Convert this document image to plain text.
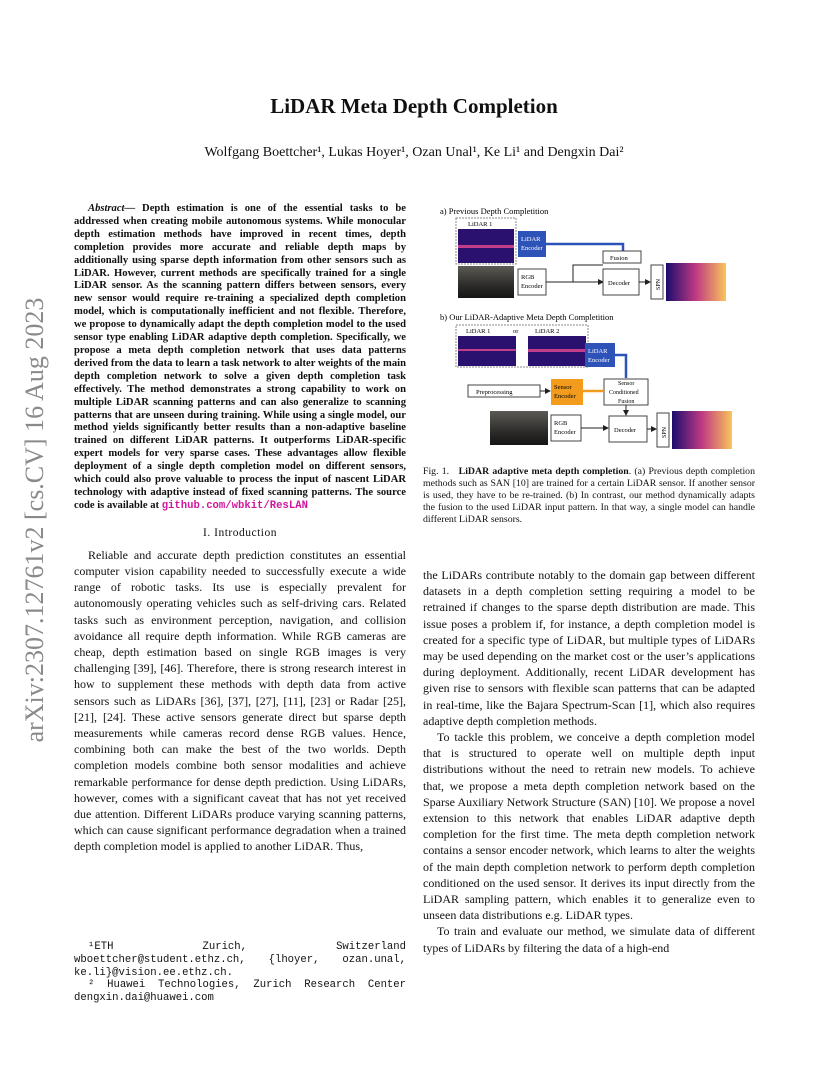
arXiv:2307.12761v2 [cs.CV] 16 Aug 2023
LiDAR Meta Depth Completion
Wolfgang Boettcher¹, Lukas Hoyer¹, Ozan Unal¹, Ke Li¹ and Dengxin Dai²

Abstract— Depth estimation is one of the essential tasks to be addressed when creating mobile autonomous systems. While monocular depth estimation methods have improved in recent times, depth completion provides more accurate and reliable depth maps by additionally using sparse depth information from other sensors such as LiDAR. However, current methods are specifically trained for a single LiDAR sensor. As the scanning pattern differs between sensors, every new sensor would require re-training a specialized depth completion model, which is computationally inefficient and not flexible. Therefore, we propose to dynamically adapt the depth completion model to the used sensor type enabling LiDAR adaptive depth completion. Specifically, we propose a meta depth completion network that uses data patterns derived from the data to learn a task network to alter weights of the main depth completion network to solve a given depth completion task effectively. The method demonstrates a strong capability to work on multiple LiDAR scanning patterns and can also generalize to scanning patterns that are unseen during training. While using a single model, our method yields significantly better results than a non-adaptive baseline trained on different LiDAR patterns. It outperforms LiDAR-specific expert models for very sparse cases. These advantages allow flexible deployment of a single depth completion model on different sensors, which could also prove valuable to process the input of nascent LiDAR technology with adaptive instead of fixed scanning patterns. The source code is available at github.com/wbkit/ResLAN

I. Introduction

Reliable and accurate depth prediction constitutes an essential computer vision capability needed to successfully execute a wide range of robotic tasks. Its use is especially prevalent for autonomously operating vehicles such as self-driving cars. Related tasks such as environment perception, navigation, and collision avoidance all require depth information. While RGB cameras are cheap, depth estimation based on single RGB images is very challenging [39], [46]. Therefore, there is strong research interest in how to supplement these methods with depth data from active sensors such as LiDARs [36], [37], [27], [11], [23] or Radar [25], [21], [24]. These active sensors generate direct but sparse depth measurements while cameras record dense RGB values. Hence, combining both can make the best of the two worlds. Depth completion models combine both sensor modalities and achieve remarkable performance for dense depth prediction. Using LiDARs, however, comes with a significant caveat that has not yet received due attention. Different LiDARs produce varying scanning patterns, which can cause significant performance degradation when a trained depth completion model is applied to another LiDAR. Thus,

¹ETH Zurich, Switzerland wboettcher@student.ethz.ch, {lhoyer, ozan.unal, ke.li}@vision.ee.ethz.ch.
² Huawei Technologies, Zurich Research Center dengxin.dai@huawei.com
a) Previous Depth Completition
LiDAR 1
LiDAR
Encoder
RGB
Encoder
Fusion
Decoder	SPN
b) Our LiDAR-Adaptive Meta Depth Completition
LiDAR 1	or	LiDAR 2
LiDAR
Encoder
Preprocessing
Sensor
Encoder
Sensor
Conditioned
Fusion
RGB
Encoder	Decoder	SPN
Fig. 1. LiDAR adaptive meta depth completion. (a) Previous depth completion methods such as SAN [10] are trained for a certain LiDAR sensor. If another sensor is used, they have to be re-trained. (b) In contrast, our method dynamically adapts the fusion to the used LiDAR input pattern. In that way, a single model can handle different LiDAR sensors.

the LiDARs contribute notably to the domain gap between different datasets in a depth completion setting requiring a model to be retrained if changes to the sparse depth distribution are made. This issue poses a problem if, for instance, a depth completion model is created for a specific type of LiDAR, but multiple types of LiDARs may be used depending on the market cost or the user’s applications during deployment. Additionally, recent LiDAR development has given rise to sensors with flexible scan patterns that can be adapted in real-time, like the Bajara Spectrum-Scan [1], which also requires adaptive depth completion methods.

To tackle this problem, we conceive a depth completion model that is structured to operate well on multiple depth input distributions without the need to retrain new models. To achieve that, we propose a meta depth completion network based on the Sparse Auxiliary Network Structure (SAN) [10]. We propose a novel extension to this network that enables LiDAR adaptive depth completion for the first time. The meta depth completion network contains a sensor encoder network, which learns to alter the weights of the main depth completion network to perform depth completion conditioned on the used sensor. It derives its input directly from the LiDAR sampling pattern, which enables it to generalize even to unseen data distributions e.g. LiDAR types.

To train and evaluate our method, we simulate data of different types of LiDARs by filtering the data of a high-end
